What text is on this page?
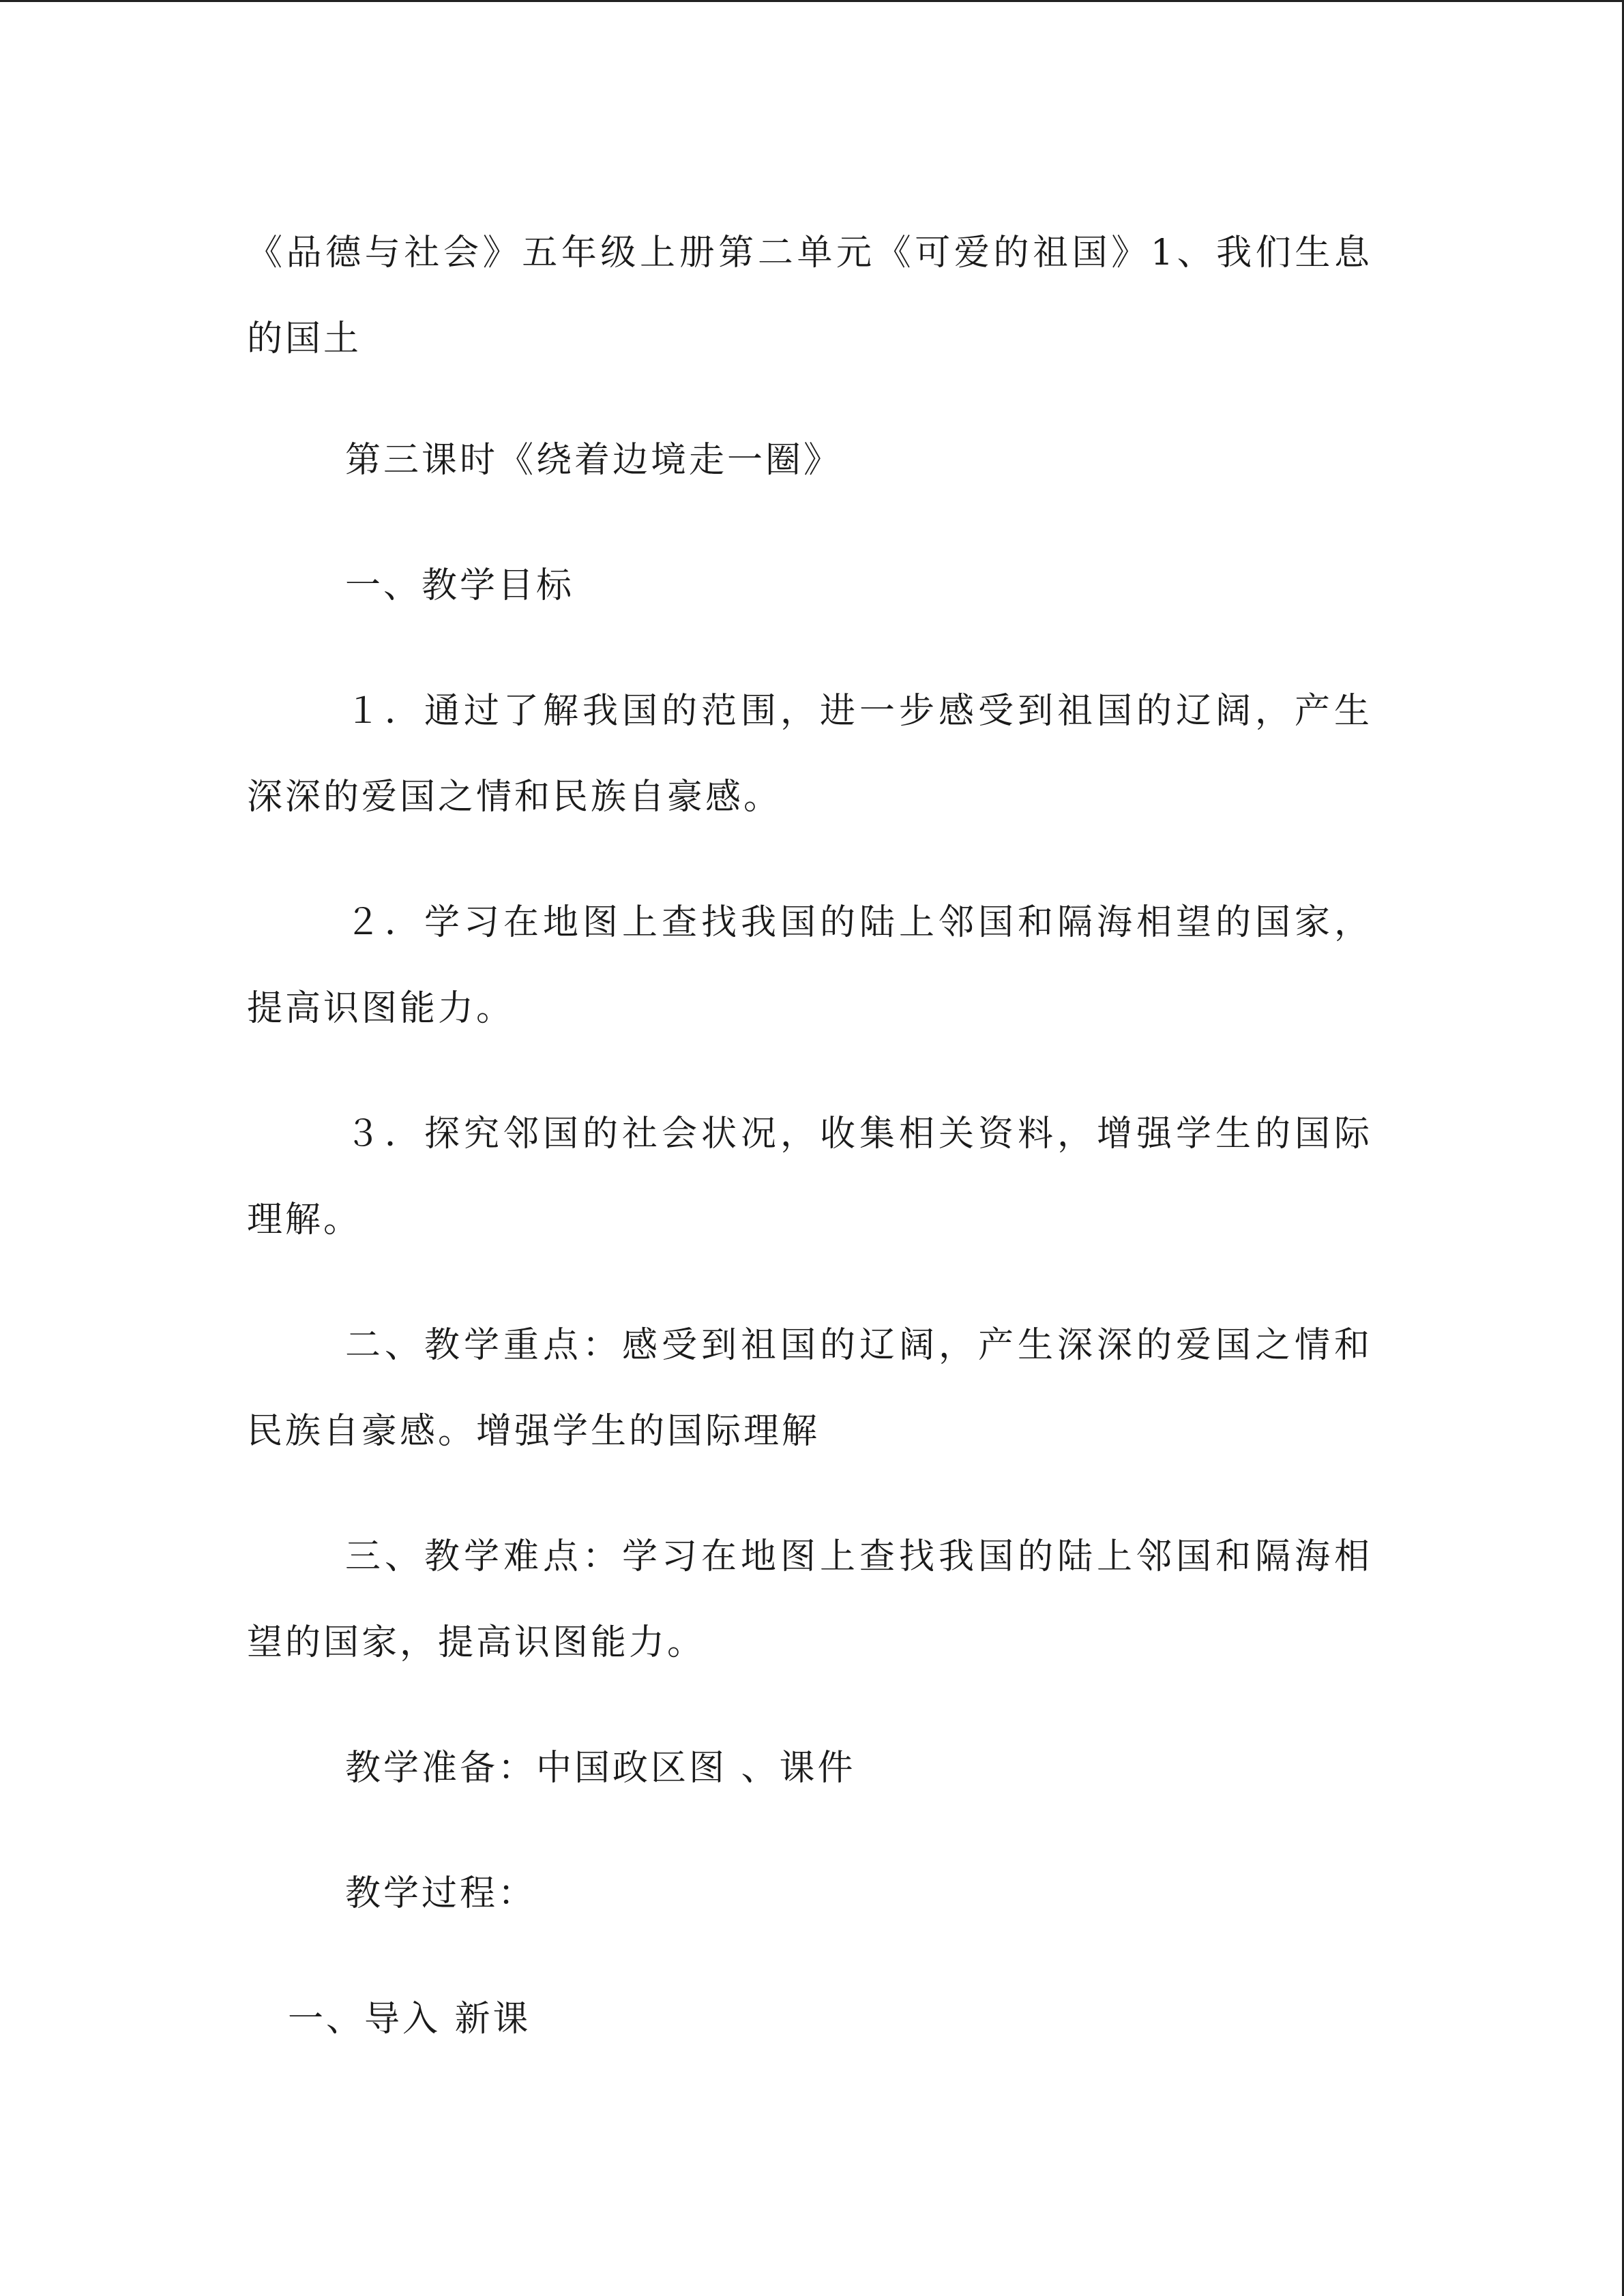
《品德与社会》五年级上册第二单元《可爱的祖国》1、我们生息的国土

第三课时《绕着边境走一圈》

一、教学目标

１．通过了解我国的范围，进一步感受到祖国的辽阔，产生深深的爱国之情和民族自豪感。

２．学习在地图上查找我国的陆上邻国和隔海相望的国家，提高识图能力。

３．探究邻国的社会状况，收集相关资料，增强学生的国际理解。

二、教学重点：感受到祖国的辽阔，产生深深的爱国之情和民族自豪感。增强学生的国际理解

三、教学难点：学习在地图上查找我国的陆上邻国和隔海相望的国家，提高识图能力。

教学准备：中国政区图 、课件

教学过程：

一、导入 新课
